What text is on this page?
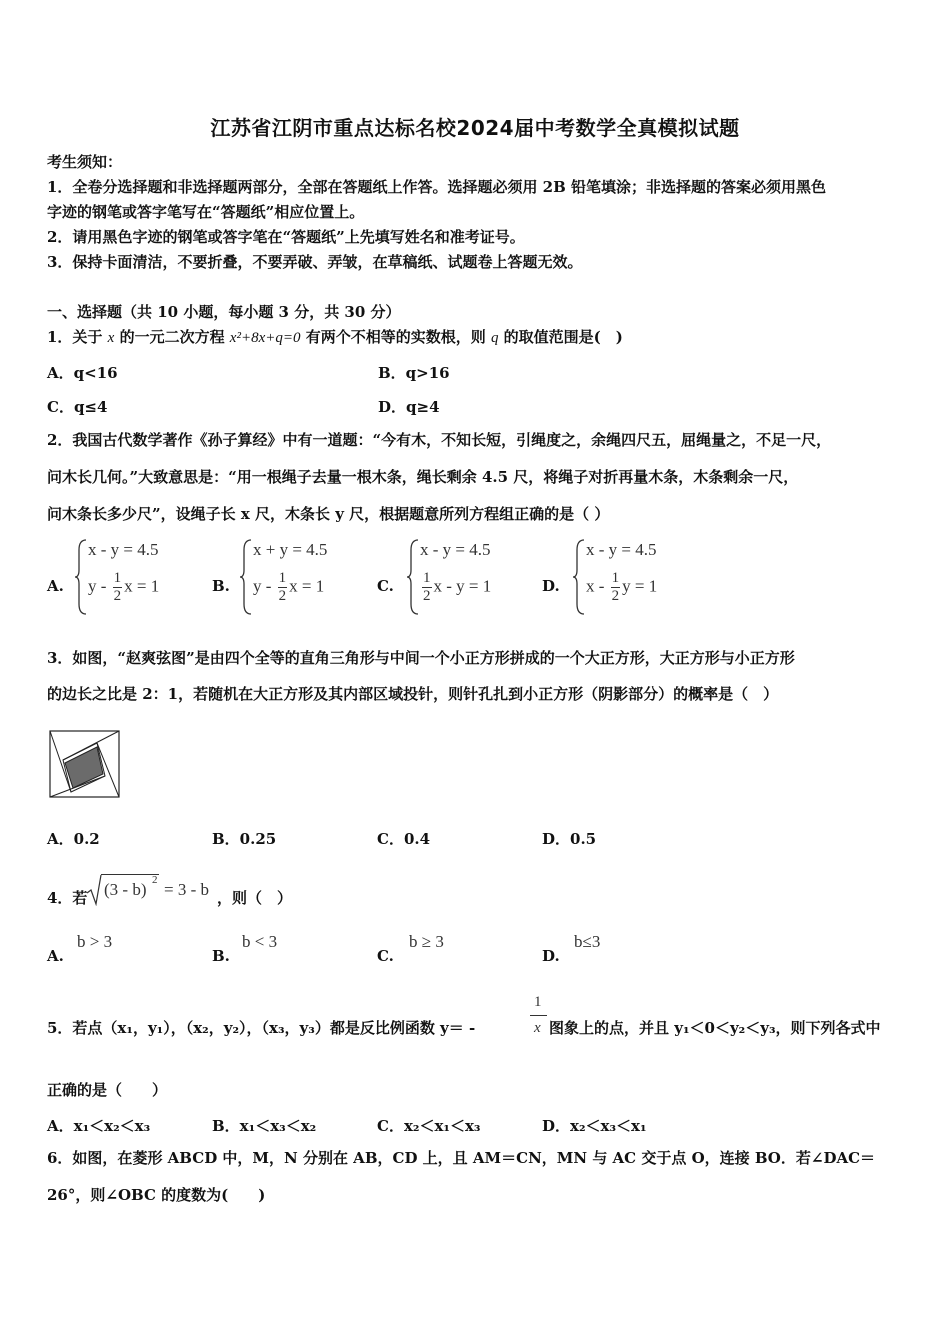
江苏省江阴市重点达标名校2024届中考数学全真模拟试题
考生须知：
1．全卷分选择题和非选择题两部分，全部在答题纸上作答。选择题必须用 2B 铅笔填涂；非选择题的答案必须用黑色
字迹的钢笔或答字笔写在“答题纸”相应位置上。
2．请用黑色字迹的钢笔或答字笔在“答题纸”上先填写姓名和准考证号。
3．保持卡面清洁，不要折叠，不要弄破、弄皱，在草稿纸、试题卷上答题无效。
一、选择题（共 10 小题，每小题 3 分，共 30 分）
1．关于 x 的一元二次方程 x²+8x+q=0 有两个不相等的实数根，则 q 的取值范围是(　)
A．q<16	B．q>16
C．q≤4	D．q≥4
2．我国古代数学著作《孙子算经》中有一道题：“今有木，不知长短，引绳度之，余绳四尺五，屈绳量之，不足一尺，
问木长几何。”大致意思是：“用一根绳子去量一根木条，绳长剩余 4.5 尺，将绳子对折再量木条，木条剩余一尺，
问木条长多少尺”，设绳子长 x 尺，木条长 y 尺，根据题意所列方程组正确的是（ ）
A.
x - y = 4.5
y - $\frac{1}{2}$ x = 1	B.
x + y = 4.5
y - $\frac{1}{2}$ x = 1	C.
x - y = 4.5
$\frac{1}{2}$ x - y = 1	D.
x - y = 4.5
x - $\frac{1}{2}$ y = 1
3．如图，“赵爽弦图”是由四个全等的直角三角形与中间一个小正方形拼成的一个大正方形，大正方形与小正方形
的边长之比是 2：1，若随机在大正方形及其内部区域投针，则针孔扎到小正方形（阴影部分）的概率是（　）
A．0.2	B．0.25	C．0.4	D．0.5
4．若 (3 - b) 2 = 3 - b ，则（　）
A.
b > 3
B.
b < 3
C.
b ≥ 3
D.
b≤3
5．若点（x₁，y₁），（x₂，y₂），（x₃，y₃）都是反比例函数 y＝ -
1
x 图象上的点，并且 y₁＜0＜y₂＜y₃，则下列各式中
正确的是（　　）
A．x₁＜x₂＜x₃	B．x₁＜x₃＜x₂	C．x₂＜x₁＜x₃	D．x₂＜x₃＜x₁
6．如图，在菱形 ABCD 中，M，N 分别在 AB，CD 上，且 AM＝CN，MN 与 AC 交于点 O，连接 BO．若∠DAC＝
26°，则∠OBC 的度数为(　　)
